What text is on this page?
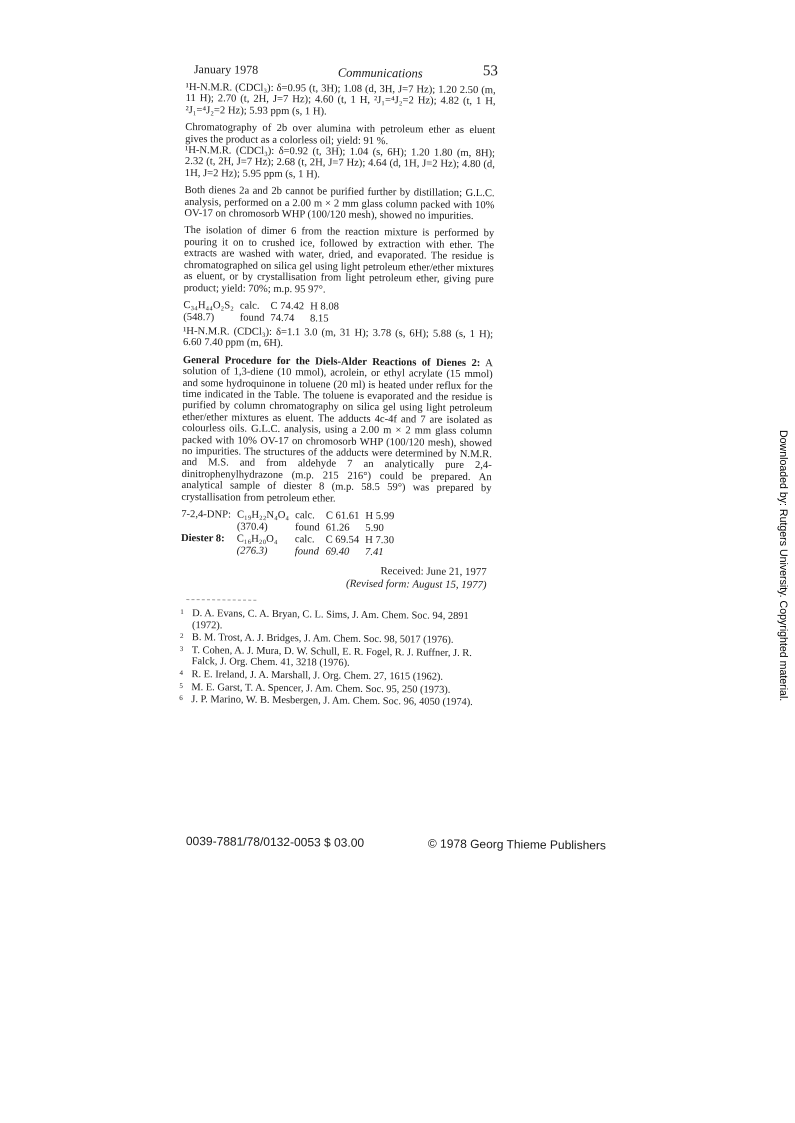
January 1978	Communications	53

¹H-N.M.R. (CDCl₃): δ=0.95 (t, 3H); 1.08 (d, 3H, J=7 Hz); 1.20 2.50 (m, 11 H); 2.70 (t, 2H, J=7 Hz); 4.60 (t, 1 H, ²J₁=⁴J₂=2 Hz); 4.82 (t, 1 H, ²J₁=⁴J₂=2 Hz); 5.93 ppm (s, 1 H).

Chromatography of 2b over alumina with petroleum ether as eluent gives the product as a colorless oil; yield: 91 %.

¹H-N.M.R. (CDCl₃): δ=0.92 (t, 3H); 1.04 (s, 6H); 1.20 1.80 (m, 8H); 2.32 (t, 2H, J=7 Hz); 2.68 (t, 2H, J=7 Hz); 4.64 (d, 1H, J=2 Hz); 4.80 (d, 1H, J=2 Hz); 5.95 ppm (s, 1 H).

Both dienes 2a and 2b cannot be purified further by distillation; G.L.C. analysis, performed on a 2.00 m × 2 mm glass column packed with 10% OV-17 on chromosorb WHP (100/120 mesh), showed no impurities.

The isolation of dimer 6 from the reaction mixture is performed by pouring it on to crushed ice, followed by extraction with ether. The extracts are washed with water, dried, and evaporated. The residue is chromatographed on silica gel using light petroleum ether/ether mixtures as eluent, or by crystallisation from light petroleum ether, giving pure product; yield: 70%; m.p. 95 97°.

C₃₄H₄₄O₂S₂	calc.	C 74.42	H 8.08
(548.7)	found	74.74	8.15

¹H-N.M.R. (CDCl₃): δ=1.1 3.0 (m, 31 H); 3.78 (s, 6H); 5.88 (s, 1 H); 6.60 7.40 ppm (m, 6H).

General Procedure for the Diels-Alder Reactions of Dienes 2: A solution of 1,3-diene (10 mmol), acrolein, or ethyl acrylate (15 mmol) and some hydroquinone in toluene (20 ml) is heated under reflux for the time indicated in the Table. The toluene is evaporated and the residue is purified by column chromatography on silica gel using light petroleum ether/ether mixtures as eluent. The adducts 4c-4f and 7 are isolated as colourless oils. G.L.C. analysis, using a 2.00 m × 2 mm glass column packed with 10% OV-17 on chromosorb WHP (100/120 mesh), showed no impurities. The structures of the adducts were determined by N.M.R. and M.S. and from aldehyde 7 an analytically pure 2,4-dinitrophenylhydrazone (m.p. 215 216°) could be prepared. An analytical sample of diester 8 (m.p. 58.5 59°) was prepared by crystallisation from petroleum ether.

7-2,4-DNP:	C₁₉H₂₂N₄O₄	calc.	C 61.61	H 5.99
	(370.4)	found	61.26	5.90
Diester 8:	C₁₆H₂₀O₄	calc.	C 69.54	H 7.30
	(276.3)	found	69.40	7.41
Received: June 21, 1977
(Revised form: August 15, 1977)
1 D. A. Evans, C. A. Bryan, C. L. Sims, J. Am. Chem. Soc. 94, 2891 (1972).
2 B. M. Trost, A. J. Bridges, J. Am. Chem. Soc. 98, 5017 (1976).
3 T. Cohen, A. J. Mura, D. W. Schull, E. R. Fogel, R. J. Ruffner, J. R. Falck, J. Org. Chem. 41, 3218 (1976).
4 R. E. Ireland, J. A. Marshall, J. Org. Chem. 27, 1615 (1962).
5 M. E. Garst, T. A. Spencer, J. Am. Chem. Soc. 95, 250 (1973).
6 J. P. Marino, W. B. Mesbergen, J. Am. Chem. Soc. 96, 4050 (1974).
0039-7881/78/0132-0053 $ 03.00	© 1978 Georg Thieme Publishers
Downloaded by: Rutgers University. Copyrighted material.
